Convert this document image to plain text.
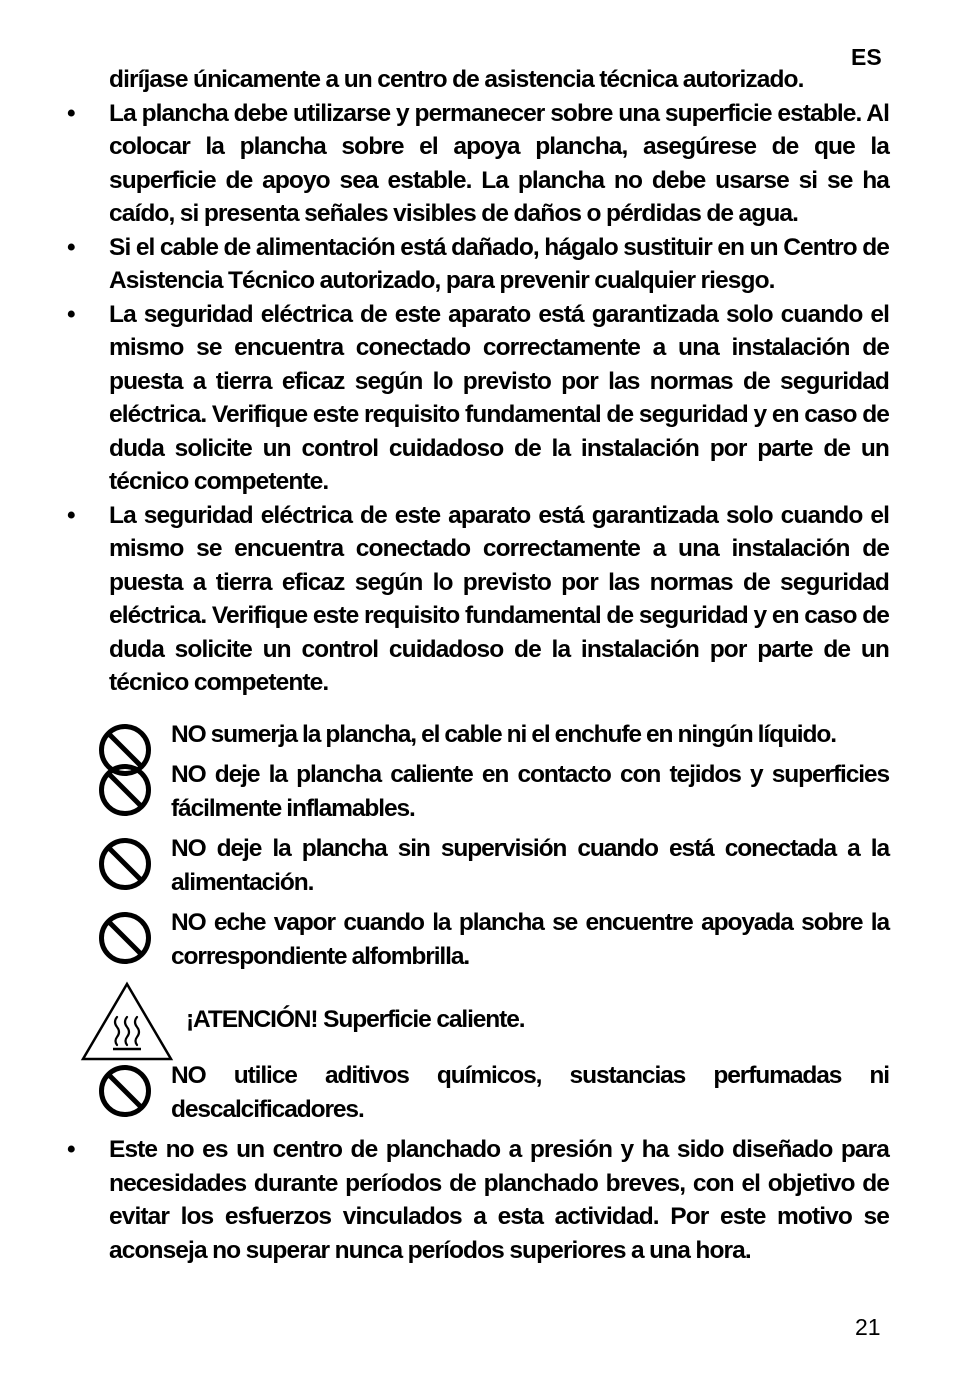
ES
diríjase únicamente a un centro de asistencia técnica autorizado.
• La plancha debe utilizarse y permanecer sobre una superficie estable. Al colocar la plancha sobre el apoya plancha, asegúrese de que la superficie de apoyo sea estable. La plancha no debe usarse si se ha caído, si presenta señales visibles de daños o pérdidas de agua.
• Si el cable de alimentación está dañado, hágalo sustituir en un Centro de Asistencia Técnico autorizado, para prevenir cualquier riesgo.
• La seguridad eléctrica de este aparato está garantizada solo cuando el mismo se encuentra conectado correctamente a una instalación de puesta a tierra eficaz según lo previsto por las normas de seguridad eléctrica. Verifique este requisito fundamental de seguridad y en caso de duda solicite un control cuidadoso de la instalación por parte de un técnico competente.
• La seguridad eléctrica de este aparato está garantizada solo cuando el mismo se encuentra conectado correctamente a una instalación de puesta a tierra eficaz según lo previsto por las normas de seguridad eléctrica. Verifique este requisito fundamental de seguridad y en caso de duda solicite un control cuidadoso de la instalación por parte de un técnico competente.
NO sumerja la plancha, el cable ni el enchufe en ningún líquido.
NO deje la plancha caliente en contacto con tejidos y superficies fácilmente inflamables.
NO deje la plancha sin supervisión cuando está conectada a la alimentación.
NO eche vapor cuando la plancha se encuentre apoyada sobre la correspondiente alfombrilla.
¡ATENCIÓN! Superficie caliente.
NO utilice aditivos químicos, sustancias perfumadas ni descalcificadores.
• Este no es un centro de planchado a presión y ha sido diseñado para necesidades durante períodos de planchado breves, con el objetivo de evitar los esfuerzos vinculados a esta actividad. Por este motivo se aconseja no superar nunca períodos superiores a una hora.
21
